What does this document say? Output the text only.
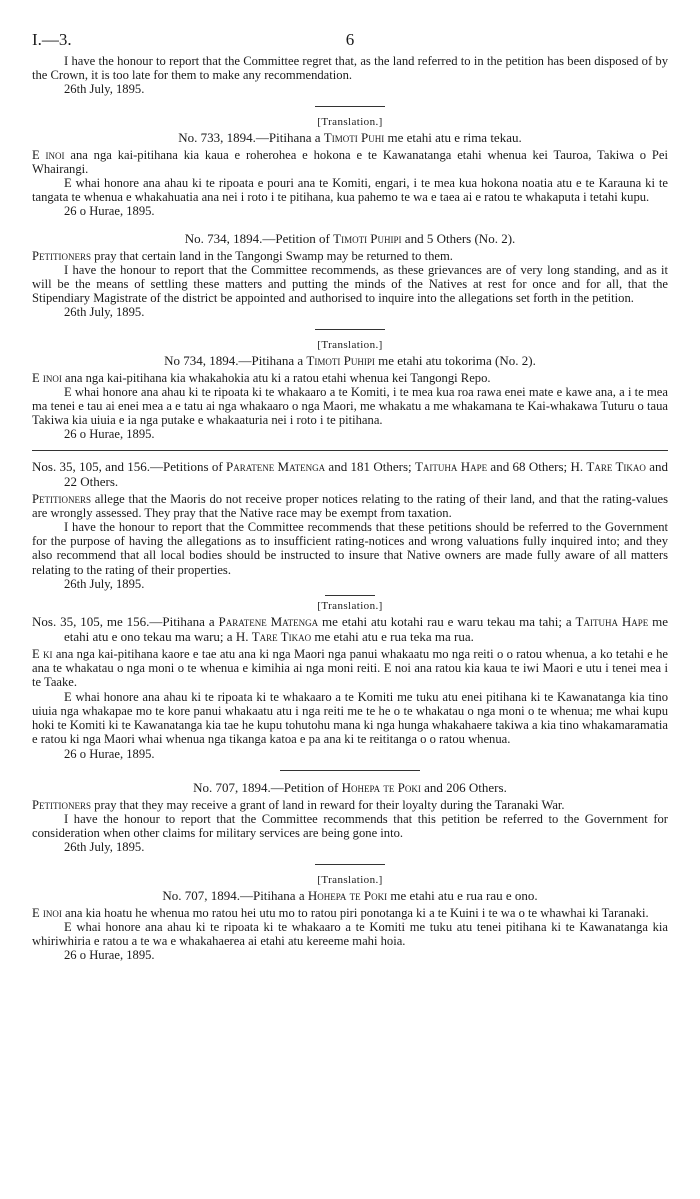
I.—3.	6

I have the honour to report that the Committee regret that, as the land referred to in the petition has been disposed of by the Crown, it is too late for them to make any recommendation.

26th July, 1895.

[Translation.]
No. 733, 1894.—Pitihana a Timoti Puhi me etahi atu e rima tekau.

E inoi ana nga kai-pitihana kia kaua e roherohea e hokona e te Kawanatanga etahi whenua kei Tauroa, Takiwa o Pei Whairangi.

E whai honore ana ahau ki te ripoata e pouri ana te Komiti, engari, i te mea kua hokona noatia atu e te Karauna ki te tangata te whenua e whakahuatia ana nei i roto i te pitihana, kua pahemo te wa e taea ai e ratou te whakaputa i tetahi kupu.

26 o Hurae, 1895.

No. 734, 1894.—Petition of Timoti Puhipi and 5 Others (No. 2).

Petitioners pray that certain land in the Tangongi Swamp may be returned to them.

I have the honour to report that the Committee recommends, as these grievances are of very long standing, and as it will be the means of settling these matters and putting the minds of the Natives at rest for once and for all, that the Stipendiary Magistrate of the district be appointed and authorised to inquire into the allegations set forth in the petition.

26th July, 1895.

[Translation.]
No 734, 1894.—Pitihana a Timoti Puhipi me etahi atu tokorima (No. 2).

E inoi ana nga kai-pitihana kia whakahokia atu ki a ratou etahi whenua kei Tangongi Repo.

E whai honore ana ahau ki te ripoata ki te whakaaro a te Komiti, i te mea kua roa rawa enei mate e kawe ana, a i te mea ma tenei e tau ai enei mea a e tatu ai nga whakaaro o nga Maori, me whakatu a me whakamana te Kai-whakawa Tuturu o taua Takiwa kia uiuia e ia nga putake e whakaaturia nei i roto i te pitihana.

26 o Hurae, 1895.

Nos. 35, 105, and 156.—Petitions of Paratene Matenga and 181 Others; Taituha Hape and 68 Others; H. Tare Tikao and 22 Others.

Petitioners allege that the Maoris do not receive proper notices relating to the rating of their land, and that the rating-values are wrongly assessed. They pray that the Native race may be exempt from taxation.

I have the honour to report that the Committee recommends that these petitions should be referred to the Government for the purpose of having the allegations as to insufficient rating-notices and wrong valuations fully inquired into; and they also recommend that all local bodies should be instructed to insure that Native owners are made fully aware of all matters relating to the rating of their properties.

26th July, 1895.

[Translation.]
Nos. 35, 105, me 156.—Pitihana a Paratene Matenga me etahi atu kotahi rau e waru tekau ma tahi; a Taituha Hape me etahi atu e ono tekau ma waru; a H. Tare Tikao me etahi atu e rua teka ma rua.

E ki ana nga kai-pitihana kaore e tae atu ana ki nga Maori nga panui whakaatu mo nga reiti o o ratou whenua, a ko tetahi e he ana te whakatau o nga moni o te whenua e kimihia ai nga moni reiti. E noi ana ratou kia kaua te iwi Maori e utu i tenei mea i te Taake.

E whai honore ana ahau ki te ripoata ki te whakaaro a te Komiti me tuku atu enei pitihana ki te Kawanatanga kia tino uiuia nga whakapae mo te kore panui whakaatu atu i nga reiti me te he o te whakatau o nga moni o te whenua; me whai kupu hoki te Komiti ki te Kawanatanga kia tae he kupu tohutohu mana ki nga hunga whakahaere takiwa a kia tino whakamaramatia e ratou ki nga Maori whai whenua nga tikanga katoa e pa ana ki te reititanga o o ratou whenua.

26 o Hurae, 1895.

No. 707, 1894.—Petition of Hohepa te Poki and 206 Others.

Petitioners pray that they may receive a grant of land in reward for their loyalty during the Taranaki War.

I have the honour to report that the Committee recommends that this petition be referred to the Government for consideration when other claims for military services are being gone into.

26th July, 1895.

[Translation.]
No. 707, 1894.—Pitihana a Hohepa te Poki me etahi atu e rua rau e ono.

E inoi ana kia hoatu he whenua mo ratou hei utu mo to ratou piri ponotanga ki a te Kuini i te wa o te whawhai ki Taranaki.

E whai honore ana ahau ki te ripoata ki te whakaaro a te Komiti me tuku atu tenei pitihana ki te Kawanatanga kia whiriwhiria e ratou a te wa e whakahaerea ai etahi atu kereeme mahi hoia.

26 o Hurae, 1895.
